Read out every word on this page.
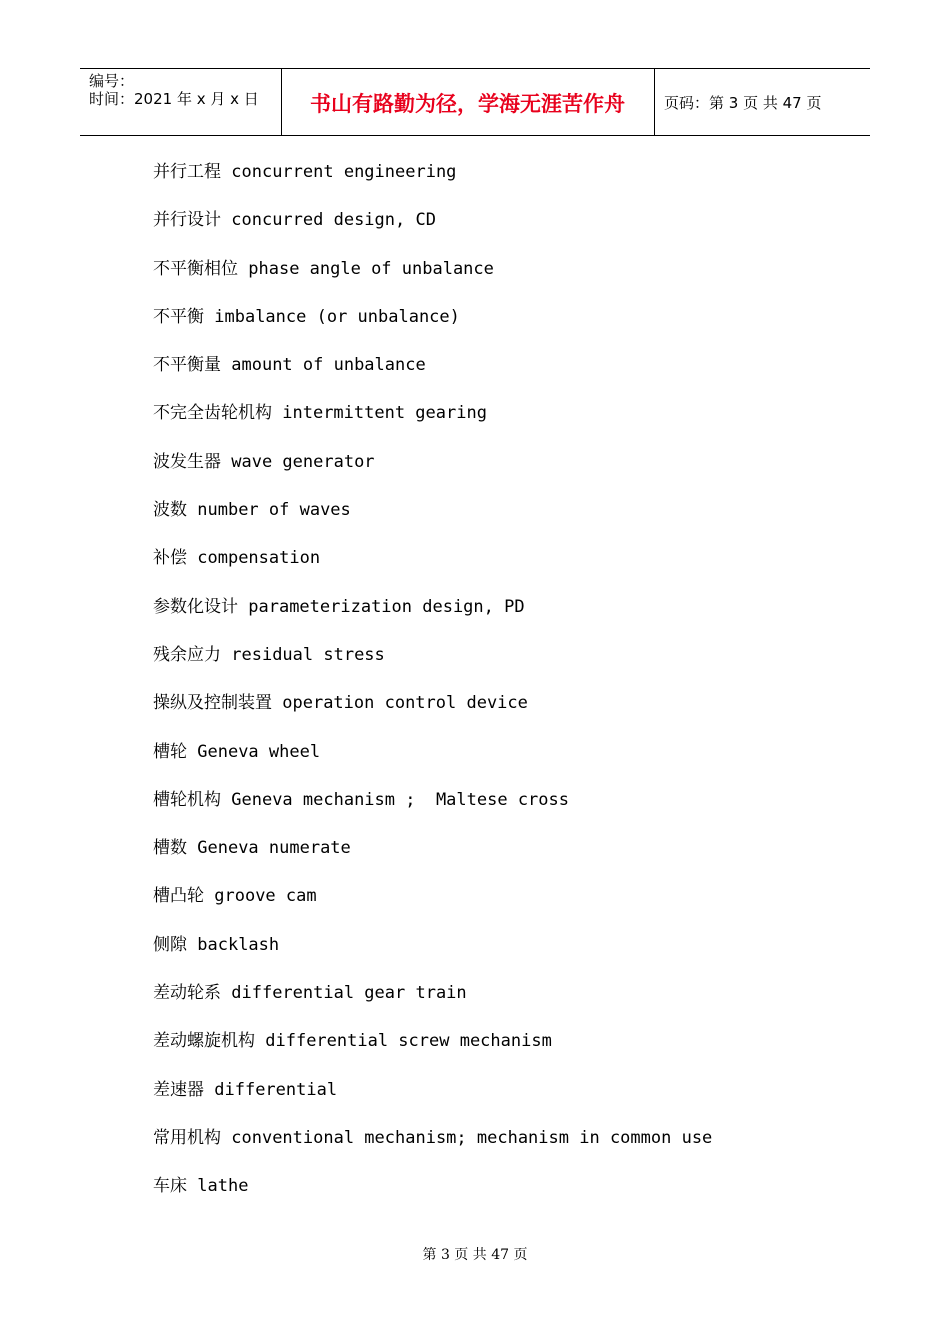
编号：
时间：2021 年 x 月 x 日	书山有路勤为径，学海无涯苦作舟	页码：第 3 页 共 47 页
并行工程 concurrent engineering
并行设计 concurred design, CD
不平衡相位 phase angle of unbalance
不平衡 imbalance (or unbalance)
不平衡量 amount of unbalance
不完全齿轮机构 intermittent gearing
波发生器 wave generator
波数 number of waves
补偿 compensation
参数化设计 parameterization design, PD
残余应力 residual stress
操纵及控制装置 operation control device
槽轮 Geneva wheel
槽轮机构 Geneva mechanism ;  Maltese cross
槽数 Geneva numerate
槽凸轮 groove cam
侧隙 backlash
差动轮系 differential gear train
差动螺旋机构 differential screw mechanism
差速器 differential
常用机构 conventional mechanism; mechanism in common use
车床 lathe
第 3 页 共 47 页
